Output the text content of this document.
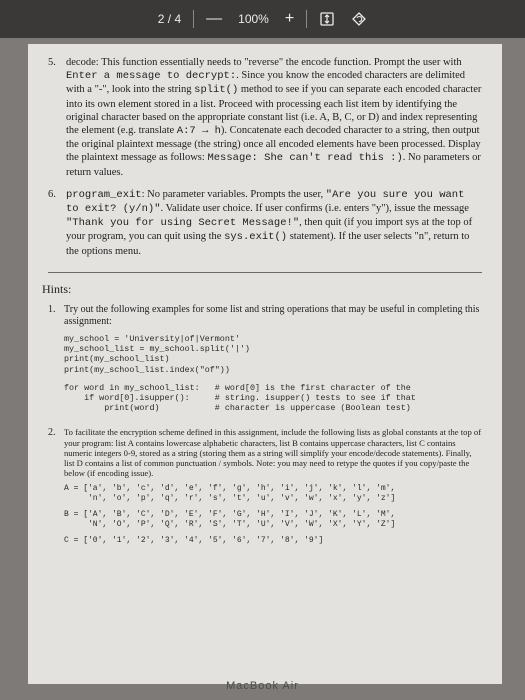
2 / 4	—	100%	+
5. decode: This function essentially needs to "reverse" the encode function. Prompt the user with Enter a message to decrypt:. Since you know the encoded characters are delimited with a "-", look into the string split() method to see if you can separate each encoded character into its own element stored in a list. Proceed with processing each list item by identifying the original character based on the appropriate constant list (i.e. A, B, C, or D) and index representing the element (e.g. translate A:7 → h). Concatenate each decoded character to a string, then output the original plaintext message (the string) once all encoded elements have been processed. Display the plaintext message as follows: Message: She can't read this :). No parameters or return values.
6. program_exit: No parameter variables. Prompts the user, "Are you sure you want to exit? (y/n)". Validate user choice. If user confirms (i.e. enters "y"), issue the message "Thank you for using Secret Message!", then quit (if you import sys at the top of your program, you can quit using the sys.exit() statement). If the user selects "n", return to the options menu.
Hints:
1. Try out the following examples for some list and string operations that may be useful in completing this assignment:
my_school = 'University|of|Vermont'
my_school_list = my_school.split('|')
print(my_school_list)
print(my_school_list.index("of"))
for word in my_school_list:   # word[0] is the first character of the
if word[0].isupper():     # string. isupper() tests to see if that
print(word)           # character is uppercase (Boolean test)
2. To facilitate the encryption scheme defined in this assignment, include the following lists as global constants at the top of your program: list A contains lowercase alphabetic characters, list B contains uppercase characters, list C contains numeric integers 0-9, stored as a string (storing them as a string will simplify your encode/decode statements). Finally, list D contains a list of common punctuation / symbols. Note: you may need to retype the quotes if you copy/paste the below (if encoding issue).
A = ['a', 'b', 'c', 'd', 'e', 'f', 'g', 'h', 'i', 'j', 'k', 'l', 'm',
'n', 'o', 'p', 'q', 'r', 's', 't', 'u', 'v', 'w', 'x', 'y', 'z']
B = ['A', 'B', 'C', 'D', 'E', 'F', 'G', 'H', 'I', 'J', 'K', 'L', 'M',
'N', 'O', 'P', 'Q', 'R', 'S', 'T', 'U', 'V', 'W', 'X', 'Y', 'Z']
C = ['0', '1', '2', '3', '4', '5', '6', '7', '8', '9']
MacBook Air
